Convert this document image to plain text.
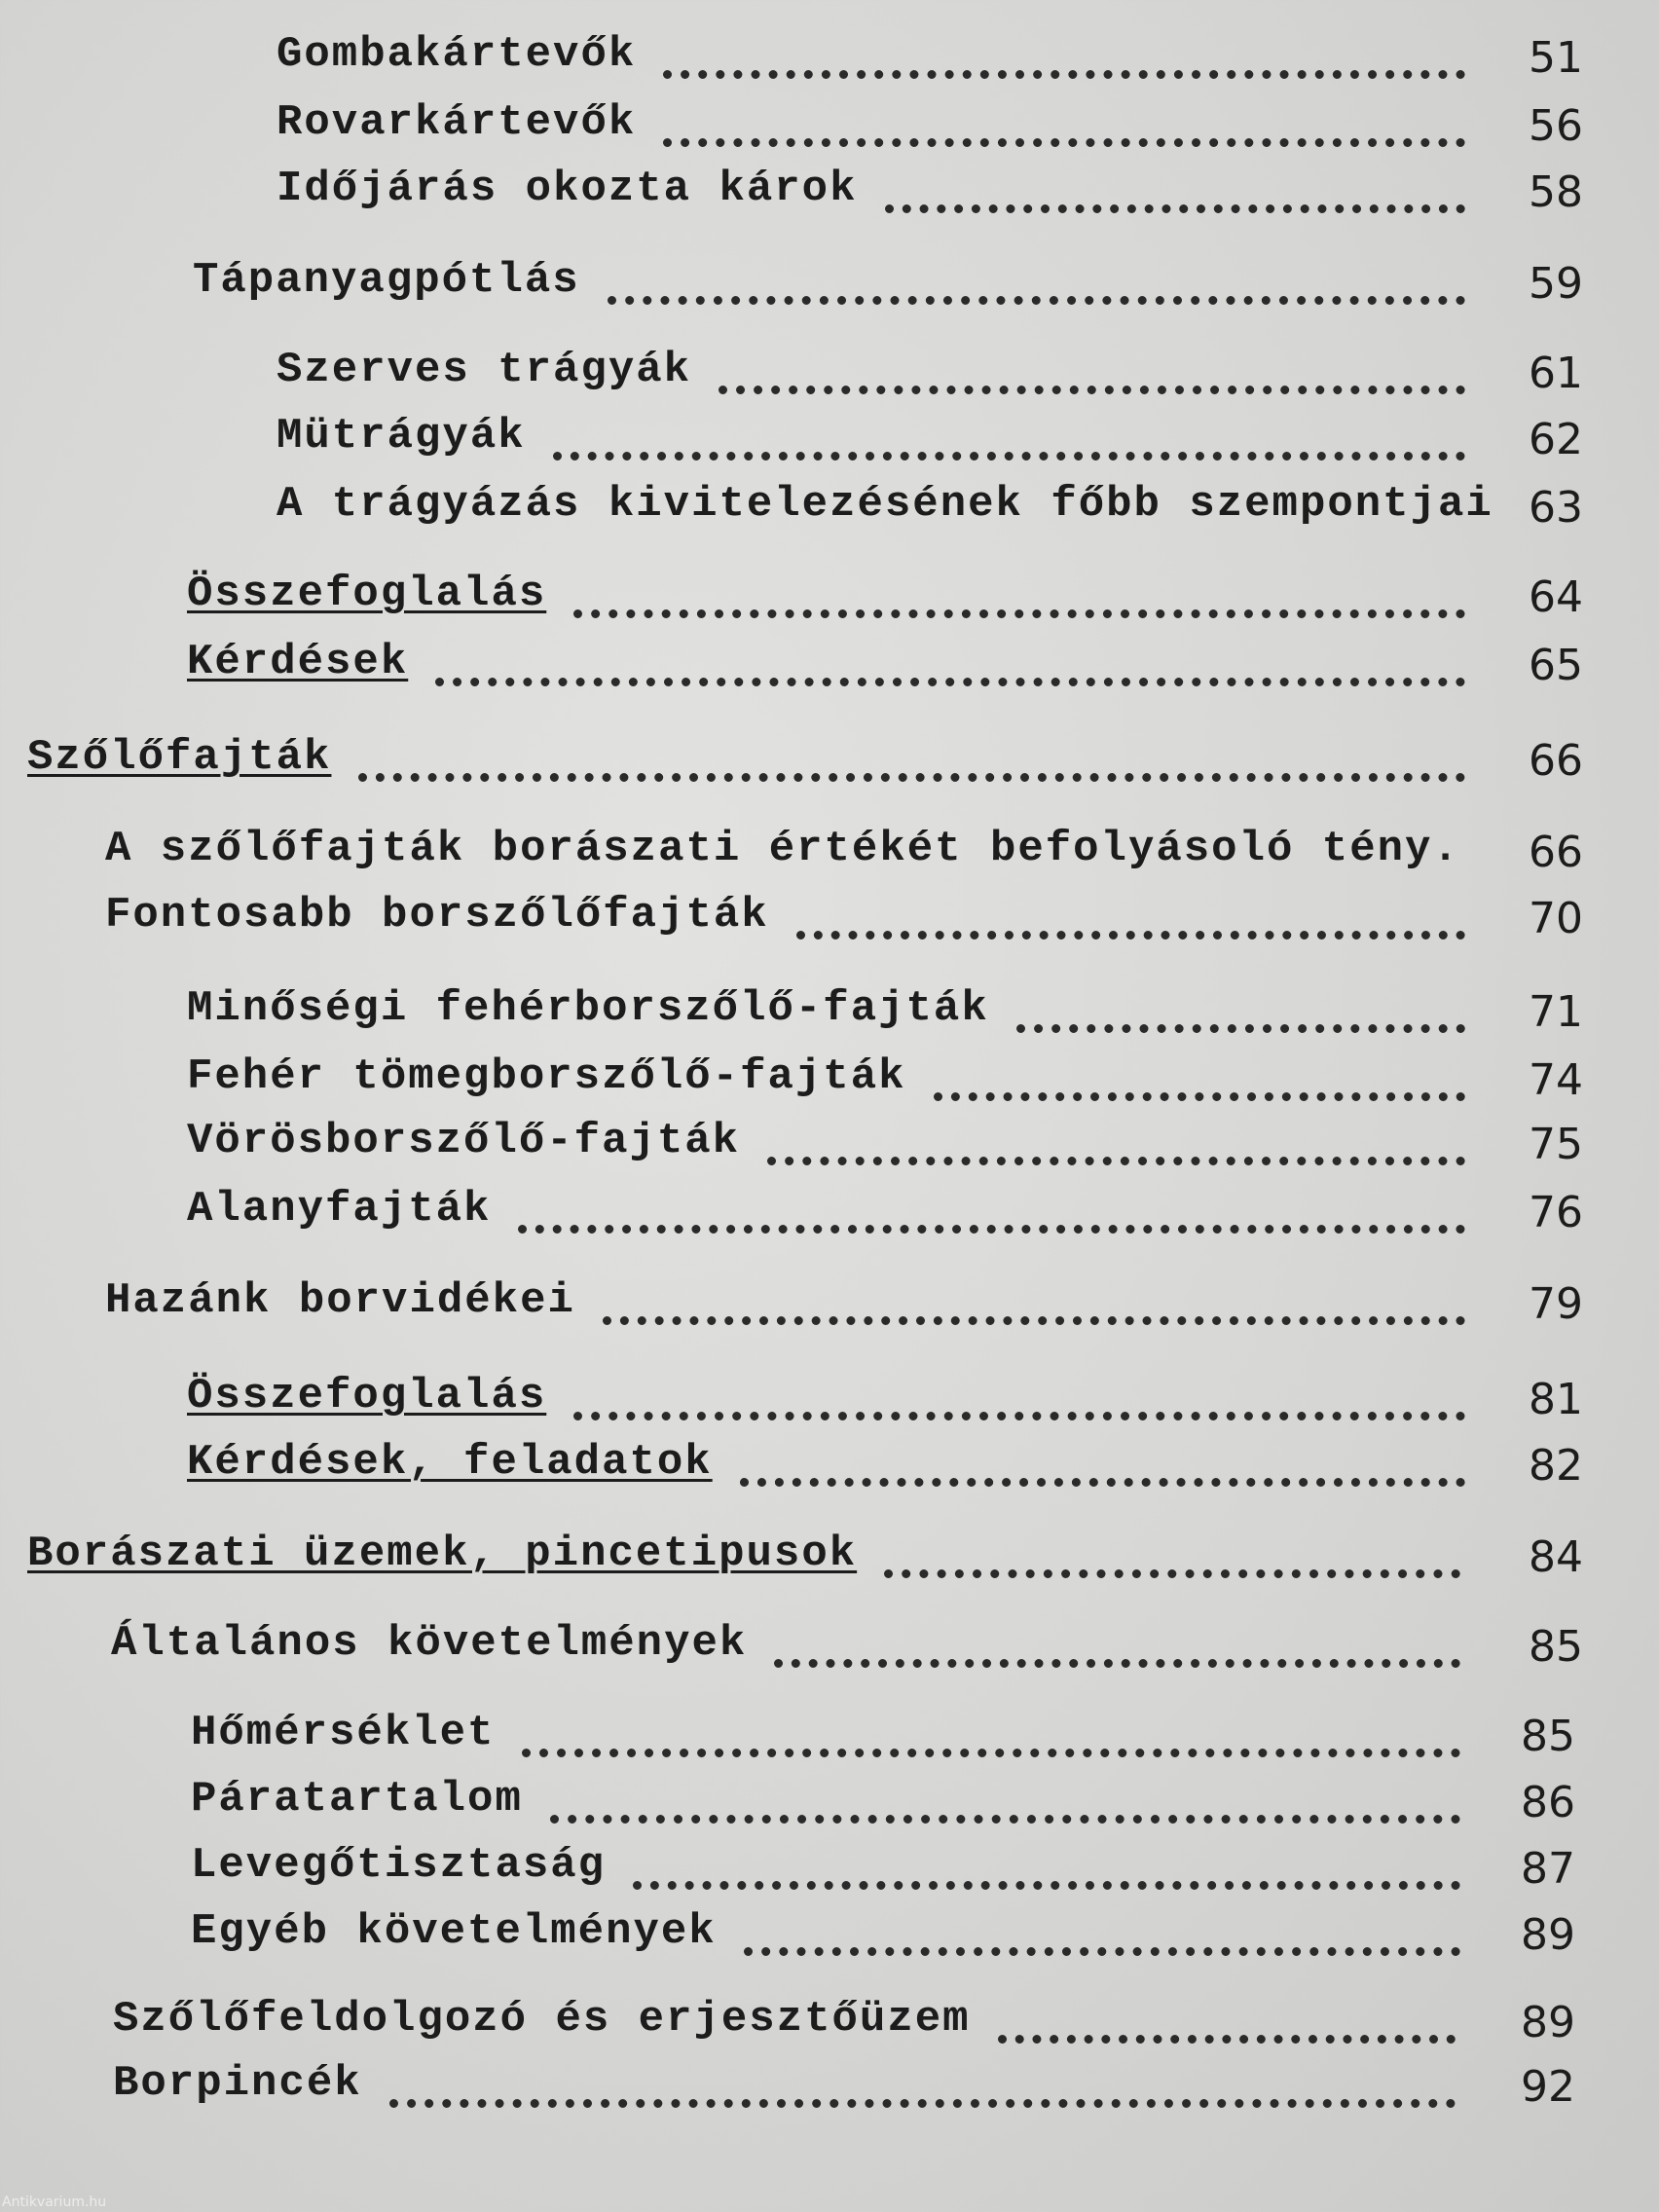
Gombakártevők	51
Rovarkártevők	56
Időjárás okozta károk	58
Tápanyagpótlás	59
Szerves trágyák	61
Mütrágyák	62
A trágyázás kivitelezésének főbb szempontjai 63
Összefoglalás	64
Kérdések	65
Szőlőfajták	66
A szőlőfajták borászati értékét befolyásoló tény. 66
Fontosabb borszőlőfajták	70
Minőségi fehérborszőlő-fajták	71
Fehér tömegborszőlő-fajták	74
Vörösborszőlő-fajták	75
Alanyfajták	76
Hazánk borvidékei	79
Összefoglalás	81
Kérdések, feladatok	82
Borászati üzemek, pincetipusok	84
Általános követelmények	85
Hőmérséklet	85
Páratartalom	86
Levegőtisztaság	87
Egyéb követelmények	89
Szőlőfeldolgozó és erjesztőüzem	89
Borpincék	92
Antikvarium.hu
